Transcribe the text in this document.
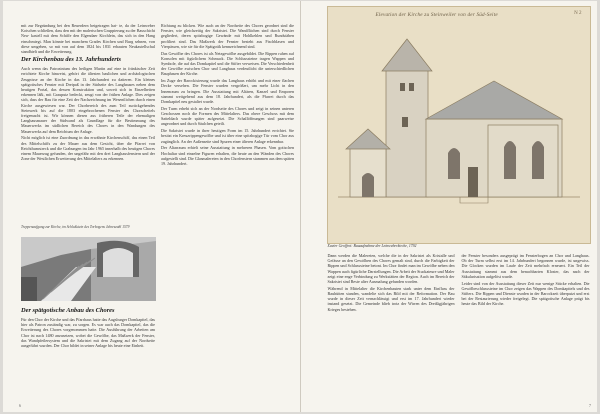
mit zur Begründung bei den Reuerdern beigetragen hat- te, da der Leinweber Koischen schließen, dass den mit der malerischen Gruppierung zu der Bauschicht Neu- kastell mit dem Schiffe den Elgendaer Kirchlein, das sich in den Hang einschmiegt. Man könnte bei manchem Grades Kirchen und Burg sehnen, von diese umgehen, so mit von auf dem 1824 bis 1831 erbauten Neukastellschul standhielt und die Erweiterung.

Der Kirchenbau des 13. Jahrhunderts

Auch wenn das Patrozinium des heiligen Martin auf eine in fränkischer Zeit errichtete Kirche hinweist, gehört die ältesten baulichen und archäologischen Zeugnisse an der Kirche in das 13. Jahrhundert zu datieren. Ein kleines spätgotisches Fenster mit Dreipaß in der Südseite des Langhauses neben dem heutigen Portal, das dessen Konstruktion und, soweit sich in Einzelheiten erkennen läßt, mit Grauputz bedeckt, zeugt von der frühen Anlage. Dies zeigen sich, dass der Bau für eine Zeit der Nachzeichnung im Wesentlichen durch einen Kirche ausgewiesen war. Der Chorbereich des zum Teil zurückgehendes Steinwerk bis auf die 1803 eingebrochenen Fenster des Chorscheitels freigemacht ist. Wir können diesen aus früheren Teile der ehemaligen Langhausmauer der Südwand als Grundlage für die Bestimmung des Mauerwerks im südlichen Bereich des Chores in den Wandungen des Mauerwerks auf dem Reichtum der Anlage.

Nicht möglich ist eine Zuordnung in das erwähnte Kirchenschiff, das einen Teil des Mittelschiffs zu der Mauer aus dem Gesicht, über die Pfarrei von Reichthumstreck und die Grabungen im Jahr 1965 innerhalb des heutigen Chores einem Mauerzug gefunden, der ungefähr mit den drei Langhausfenstern und der Zone der Westlichen Erweiterung des Mittelalters zu erkennen.

Treppenaufgang zur Kirche, im Schlußstein des Torbogens Jahreszahl 1579
Der spätgotische Anbau des Chores

Für den Chor der Kirche und das Pfarrhaus hatte das Augsburger Domkapitel, das hier als Patron zuständig war, zu sorgen. Es war auch das Domkapitel, das die Erweiterung des Chores vorgenommen hatte. Die Ausführung der Arbeiten am Chor ist nach 1480 anzusetzen, wobei die Gewölbe, das Maßwerk der Fenster, das Wandpfeilersystem und die Sakristei mit dem Zugang auf der Nordseite ausgeführt wurden. Der Chor bildet in seiner Anlage bis heute eine Einheit.

Richtung zu blicken. Wie auch an der Nordseite des Chores geordnet sind die Fenster, wie gleichzeitig der Sakristei. Die Wandflächen sind durch Fenster gegliedert, deren spitzbogige Gewände mit Hohlkehlen und Rundstäben profiliert sind. Das Maßwerk der Fenster besteht aus Fischblasen und Vierpässen, wie sie für die Spätgotik kennzeichnend sind.

Das Gewölbe des Chores ist als Netzgewölbe ausgebildet. Die Rippen ruhen auf Konsolen mit figürlichem Schmuck. Die Schlusssteine tragen Wappen und Symbole, die auf das Domkapitel und die Stifter verweisen. Die Verschiedenheit der Gewölbe zwischen Chor und Langhaus verdeutlicht die unterschiedlichen Bauphasen der Kirche.

Im Zuge der Barockisierung wurde das Langhaus erhöht und mit einer flachen Decke versehen. Die Fenster wurden vergrößert, um mehr Licht in den Innenraum zu bringen. Die Ausstattung mit Altären, Kanzel und Emporen stammt weitgehend aus dem 18. Jahrhundert, als die Pfarrei durch das Domkapitel neu gestaltet wurde.

Der Turm erhebt sich an der Nordseite des Chores und zeigt in seinen unteren Geschossen noch die Formen des Mittelalters. Das obere Geschoss mit dem Satteldach wurde später aufgesetzt. Die Schallöffnungen sind paarweise angeordnet und durch Säulchen geteilt.

Die Sakristei wurde in ihrer heutigen Form im 15. Jahrhundert errichtet. Sie besitzt ein Kreuzrippengewölbe und ist über eine spitzbogige Tür vom Chor aus zugänglich. An der Außenseite sind Spuren einer älteren Anlage erkennbar.

Der Altarraum erhielt seine Ausstattung in mehreren Phasen. Vom gotischen Hochaltar sind einzelne Figuren erhalten, die heute an den Wänden des Chores aufgestellt sind. Die Glasmalereien in den Chorfenstern stammen aus dem späten 19. Jahrhundert.

6
Elevation der Kirche zu Steinweiler von der Süd-Seite	N 2
Xavier Geoffroi: Bauaufnahme der Leinweberkirche, 1792

Dann werden die Malereien, welche die in der Sakristei als Kristalle und Gefässe an den Gewölben des Chores gemalt sind, durch die Farbigkeit der Rippen und Schlusssteine betont. Im Chor findet man im Gewölbe neben den Wappen auch figürliche Darstellungen. Die Arbeit der Stuckateure und Maler zeigt eine enge Verbindung zu Werkstätten der Region. Auch im Bereich der Sakristei sind Reste alter Ausmalung gefunden worden.

Während in Mittelalter die Kirchenbauten stark unter dem Einfluss der Bauhütten standen, wandelte sich das Bild mit der Reformation. Der Bau wurde in dieser Zeit vernachlässigt und erst im 17. Jahrhundert wieder instand gesetzt. Die Gemeinde blieb trotz der Wirren des Dreißigjährigen Krieges bestehen.

der Fenster besonders ausgeprägt im Fensterbogen an Chor und Langhaus. Ob der Turm selbst erst im 14. Jahrhundert begonnen wurde, ist ungewiss. Die Glocken wurden im Laufe der Zeit mehrfach erneuert. Ein Teil der Ausstattung stammt aus dem benachbarten Kloster, das nach der Säkularisation aufgelöst wurde.

Leider sind von der Ausstattung dieser Zeit nur wenige Stücke erhalten. Die Gewölbeschlusssteine im Chor zeigen das Wappen des Domkapitels und des Stifters. Die Rippen und Dienste wurden in der Barockzeit überputzt und erst bei der Restaurierung wieder freigelegt. Die spätgotische Anlage prägt bis heute das Bild der Kirche.

7
